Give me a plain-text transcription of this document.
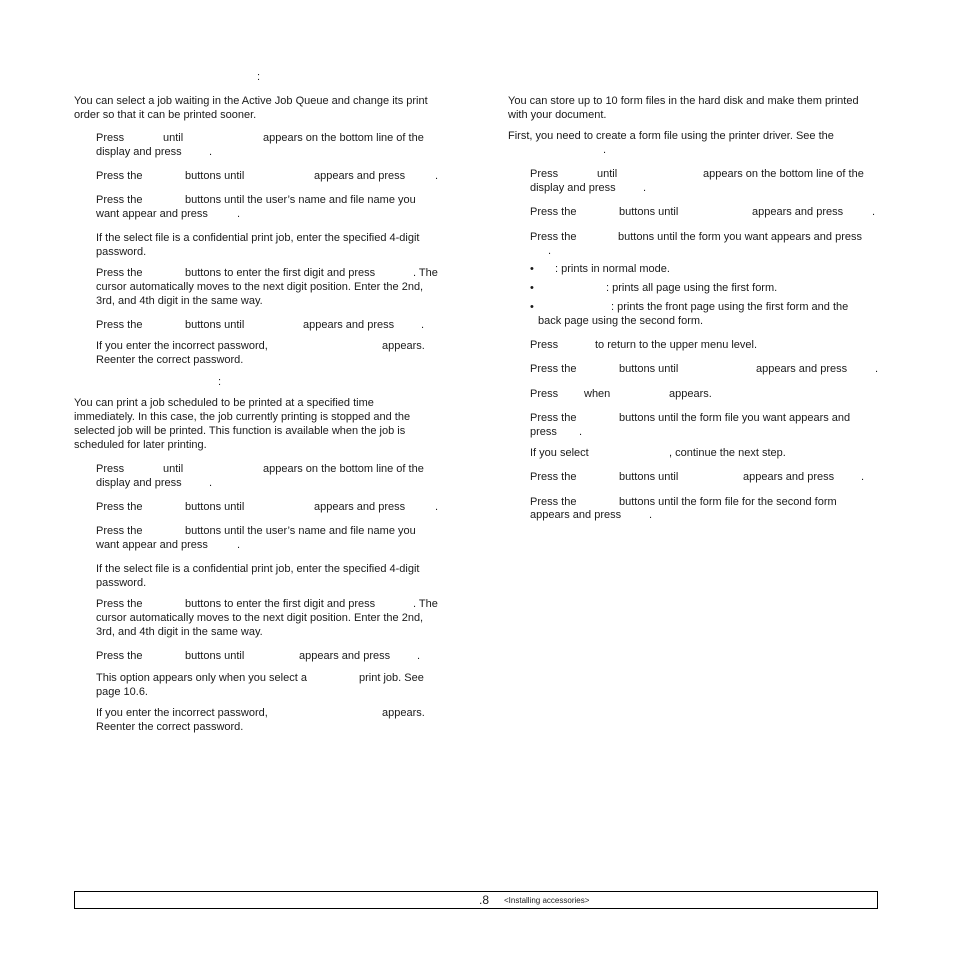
:
You can select a job waiting in the Active Job Queue and change its print
order so that it can be printed sooner.
Press	until	appears on the bottom line of the
display and press .
Press the	buttons until	appears and press	.
Press the	buttons until the user’s name and file name you
want appear and press	.
If the select file is a confidential print job, enter the specified 4-digit
password.
Press the	buttons to enter the first digit and press	. The
cursor automatically moves to the next digit position. Enter the 2nd,
3rd, and 4th digit in the same way.
Press the	buttons until	appears and press .
If you enter the incorrect password,	appears.
Reenter the correct password.
:
You can print a job scheduled to be printed at a specified time
immediately. In this case, the job currently printing is stopped and the
selected job will be printed. This function is available when the job is
scheduled for later printing.
Press	until	appears on the bottom line of the
display and press .
Press the	buttons until	appears and press	.
Press the	buttons until the user’s name and file name you
want appear and press	.
If the select file is a confidential print job, enter the specified 4-digit
password.
Press the	buttons to enter the first digit and press	. The
cursor automatically moves to the next digit position. Enter the 2nd,
3rd, and 4th digit in the same way.
Press the	buttons until	appears and press .
This option appears only when you select a	print job. See
page 10.6.
If you enter the incorrect password,	appears.
Reenter the correct password.
You can store up to 10 form files in the hard disk and make them printed
with your document.
First, you need to create a form file using the printer driver. See the
.
Press	until	appears on the bottom line of the
display and press .
Press the	buttons until	appears and press	.
Press the	buttons until the form you want appears and press
.
• : prints in normal mode.
•	: prints all page using the first form.
•	: prints the front page using the first form and the
back page using the second form.
Press	to return to the upper menu level.
Press the	buttons until	appears and press	.
Press when	appears.
Press the	buttons until the form file you want appears and
press .
If you select	, continue the next step.
Press the	buttons until	appears and press .
Press the	buttons until the form file for the second form
appears and press	.
.8 <Installing accessories>
